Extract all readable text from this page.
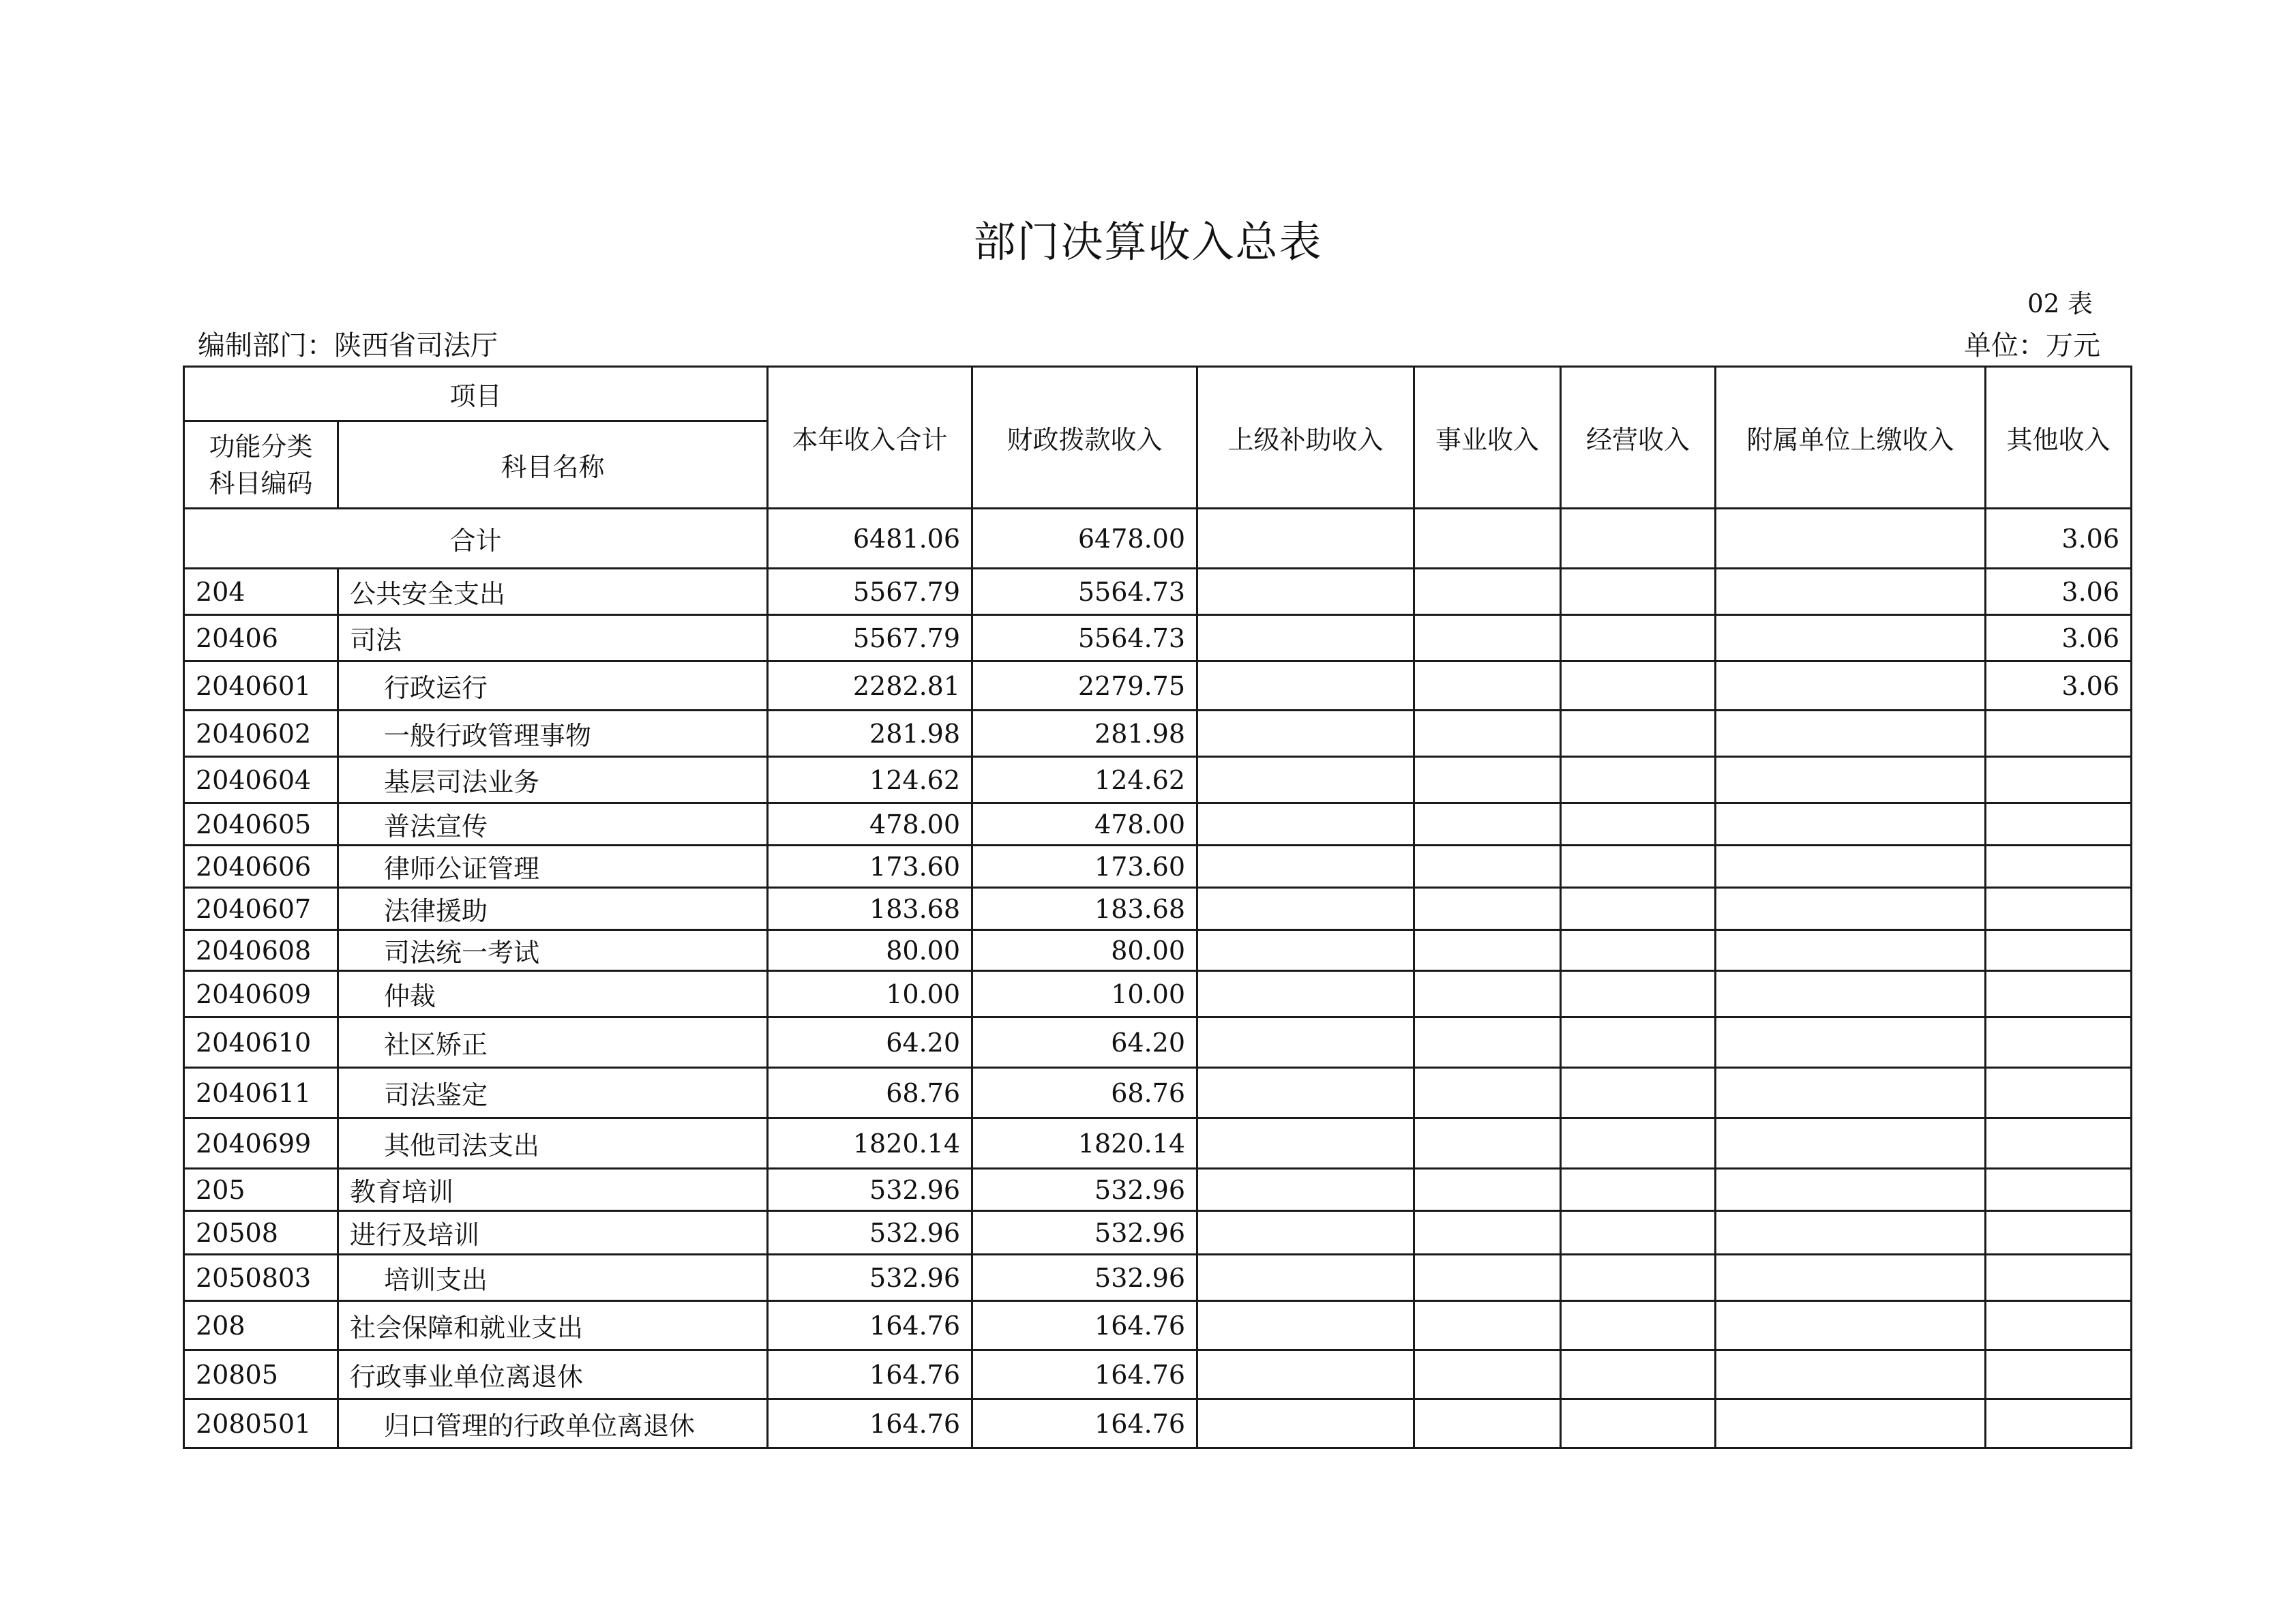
部门决算收入总表
02 表
编制部门：陕西省司法厅	单位：万元
项目		本年收入合计	财政拨款收入	上级补助收入	事业收入	经营收入	附属单位上缴收入	其他收入

功能分类
科目编码	科目名称							
合计		6481.06	6478.00					3.06
204	公共安全支出	5567.79	5564.73					3.06
20406	司法	5567.79	5564.73					3.06
2040601	行政运行	2282.81	2279.75					3.06
2040602	一般行政管理事物	281.98	281.98					
2040604	基层司法业务	124.62	124.62					
2040605	普法宣传	478.00	478.00					
2040606	律师公证管理	173.60	173.60					
2040607	法律援助	183.68	183.68					
2040608	司法统一考试	80.00	80.00					
2040609	仲裁	10.00	10.00					
2040610	社区矫正	64.20	64.20					
2040611	司法鉴定	68.76	68.76					
2040699	其他司法支出	1820.14	1820.14					
205	教育培训	532.96	532.96					
20508	进行及培训	532.96	532.96					
2050803	培训支出	532.96	532.96					
208	社会保障和就业支出	164.76	164.76					
20805	行政事业单位离退休	164.76	164.76					
2080501	归口管理的行政单位离退休	164.76	164.76					
